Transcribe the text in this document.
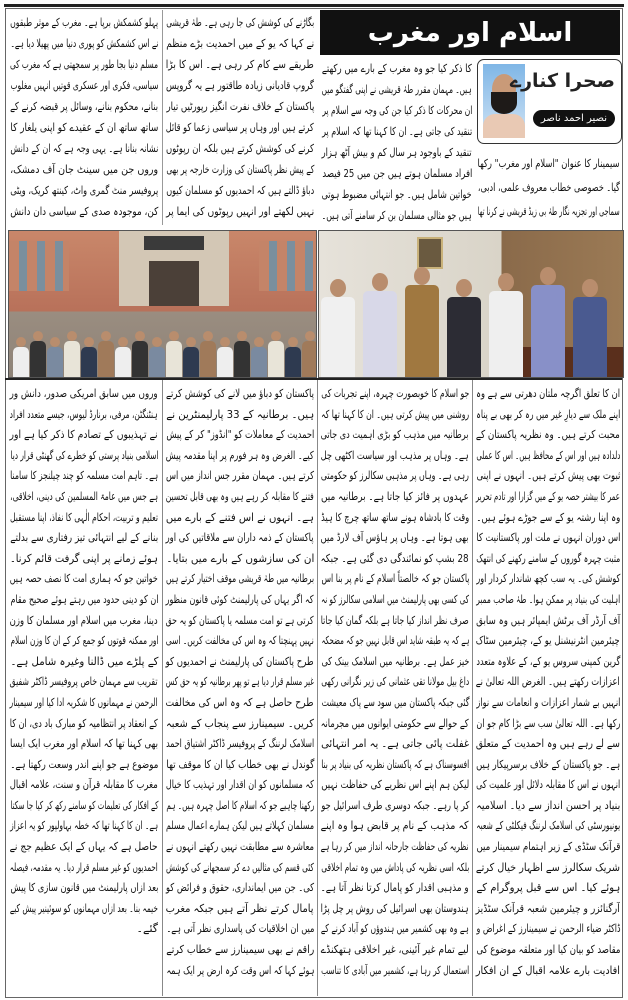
اسلام اور مغرب
صحرا کنارے
نصیر احمد ناصر
کا ذکر کیا جو وہ مغرب کے بارے میں رکھتے
ہیں۔ مہمان مقرر طہٰ قریشی نے اپنی گفتگو میں
ان محرکات کا ذکر کیا جن کی وجہ سے اسلام پر
تنقید کی جاتی ہے۔ ان کا کہنا تھا کہ اسلام پر
تنقید کے باوجود ہر سال کم و بیش آٹھ ہزار
افراد مسلمان ہوتے ہیں جن میں 25 فیصد
خواتین شامل ہیں۔ جو انتہائی مضبوط ہوتی
ہیں جو مثالی مسلمان بن کر سامنے آتی ہیں۔
سیمینار کا عنوان "اسلام اور مغرب" رکھا
گیا۔ خصوصی خطاب معروف علمی، ادبی،
سماجی اور تجزیہ نگار طہٰ بی زیڈ قریشی نے کرنا تھا
بگاڑنے کی کوشش کی جا رہی ہے۔ طہٰ قریشی
نے کہا کہ یو کے میں احمدیت بڑے منظم
طریقے سے کام کر رہی ہے۔ اس کا بڑا
گروپ قادیانی زیادہ طاقتور ہے یہ گروپس
پاکستان کے خلاف نفرت انگیز رپورٹیں تیار
کرتے ہیں اور وہاں پر سیاسی زعما کو قائل
کرنے کی کوشش کرتے ہیں بلکہ ان رپوٹوں
کے پیش نظر پاکستان کی وزارت خارجہ پر بھی
دباؤ ڈالتے ہیں کہ احمدیوں کو مسلمان کیوں
نہیں لکھتے اور انہیں رپوٹوں کی ایما پر
پہلو کشمکش برپا ہے۔ مغرب کے موثر طبقوں
نے اس کشمکش کو پوری دنیا میں پھیلا دیا ہے۔
مسلم دنیا بجا طور پر سمجھتی ہے کہ مغرب کی
سیاسی، فکری اور عسکری قوتیں انہیں مغلوب
بنانے، محکوم بنانے، وسائل پر قبضہ کرنے کے
ساتھ ساتھ ان کے عقیدے کو اپنی یلغار کا
نشانہ بنانا ہے۔ یہی وجہ ہے کہ ان کے دانش
وروں جن میں سینٹ جان آف دمشک،
پروفیسر منٹ گمری واٹ، کینتھ کریک، ویٹی
کن، موجودہ صدی کے سیاسی دان دانش
ان کا تعلق اگرچہ ملتان دھرتی سے ہے وہ
اپنے ملک سے دیارِ غیر میں رہ کر بھی بے پناہ
محبت کرتے ہیں۔ وہ نظریہ پاکستان کے
دلدادہ ہیں اور اس کے محافظ ہیں۔ اس کا عملی
ثبوت بھی پیش کرتے ہیں۔ انہوں نے اپنی
عمر کا بیشتر حصہ یو کے میں گزارا اور تادم تحریر
وہ اپنا رشتہ یو کے سے جوڑے ہوئے ہیں۔
اس دوران انہوں نے ملت اور پاکستانیت کا
مثبت چہرہ گوروں کے سامنے رکھنے کی انتھک
کوشش کی۔ یہ سب کچھ شاندار کردار اور
اہلیت کی بنیاد پر ممکن ہوا۔ طہٰ صاحب ممبر
آف آرڈر آف برٹش ایمپائر ہیں وہ سابق
چیئرمین انٹرنیشنل یو کے، چیئرمین سٹاک
گرین کمپنی سروس یو کے، کے علاوہ متعدد
اعزازات رکھتے ہیں۔ الغرض اللہ تعالیٰ نے
انہیں بے شمار اعزازات و انعامات سے نواز
رکھا ہے۔ اللہ تعالیٰ سب سے بڑا کام جو ان
سے لے رہے ہیں وہ احمدیت کے متعلق
ہے۔ جو پاکستان کے خلاف برسرپیکار ہیں
انہوں نے اس کا مقابلہ دلائل اور علمیت کی
بنیاد پر احسن انداز سے دیا۔ اسلامیہ
یونیورسٹی کی اسلامک لرننگ فیکلٹی کے شعبہ
قرآنک سٹڈی کے زیر اہتمام سیمینار میں
شریک سکالرز سے اظہار خیال کرتے
ہوئے کیا۔ اس سے قبل پروگرام کے
آرگنائزر و چیئرمین شعبہ قرآنک سٹڈیز
ڈاکٹر ضیاء الرحمن نے سیمینارز کے اغراض و
مقاصد کو بیان کیا اور متعلقہ موضوع کی
افادیت بارے علامہ اقبال کے ان افکار
جو اسلام کا خوبصورت چہرہ، اپنے تجربات کی
روشنی میں پیش کرتی ہیں۔ ان کا کہنا تھا کہ
برطانیہ میں مذہب کو بڑی اہمیت دی جاتی
ہے۔ وہاں پر مذہب اور سیاست اکٹھی چل
رہی ہے۔ وہاں پر مذہبی سکالرز کو حکومتی
عہدوں پر فائز کیا جاتا ہے۔ برطانیہ میں
وقت کا بادشاہ ہونے ساتھ ساتھ چرچ کا ہیڈ
بھی ہوتا ہے۔ وہاں پر ہاؤس آف لارڈ میں
28 بشپ کو نمائندگی دی گئی ہے۔ جبکہ
پاکستان جو کہ خالصتاً اسلام کے نام پر بنا اس
کی کسی بھی پارلیمنٹ میں اسلامی سکالرز کو نہ
صرف نظر انداز کیا جاتا ہے بلکہ گمان کیا جاتا
ہے کہ یہ طبقہ شاید اس قابل نہیں جو کہ مضحکہ
خیز عمل ہے۔ برطانیہ میں اسلامک بینک کی
داغ بیل مولانا تقی عثمانی کی زیر نگرانی رکھی
گئی جبکہ پاکستان میں سود سے پاک معیشت
کے حوالے سے حکومتی ایوانوں میں مجرمانہ
غفلت پائی جاتی ہے۔ یہ امر انتہائی
افسوسناک ہے کہ پاکستان نظریہ کی بنیاد پر بنا
لیکن ہم اپنے اس نظریے کی حفاظت نہیں
کر پا رہے۔ جبکہ دوسری طرف اسرائیل جو
کہ مذہب کے نام پر قابض ہوا وہ اپنے
نظریہ کی حفاظت جارحانہ انداز میں کر رہا ہے
بلکہ اسی نظریہ کی پاداش میں وہ تمام اخلاقی
و مذہبی اقدار کو پامال کرتا نظر آتا ہے۔
ہندوستان بھی اسرائیل کی روش پر چل پڑا
ہے وہ بھی کشمیر میں ہندوؤں کو آباد کرنے کے
لیے تمام غیر آئینی، غیر اخلاقی ہتھکنڈے
استعمال کر رہا ہے، کشمیر میں آبادی کا تناسب
پاکستان کو دباؤ میں لانے کی کوشش کرتے
ہیں۔ برطانیہ کے 33 پارلیمنٹرین نے
احمدیت کے معاملات کو "انڈوز" کر کے پیش
کیے۔ الغرض وہ ہر فورم پر اپنا مقدمہ پیش
کرتے ہیں۔ مہمان مقرر جس انداز میں اس
فتنے کا مقابلہ کر رہے ہیں وہ بھی قابل تحسین
ہے۔ انہوں نے اس فتنے کے بارے میں
پاکستان کے ذمہ داران سے ملاقاتیں کی اور
ان کی سازشوں کے بارے میں بتایا۔
برطانیہ میں طہٰ قریشی موقف اختیار کرتے ہیں
کہ اگر یہاں کی پارلیمنٹ کوئی قانون منظور
کرتی ہے تو امت مسلمہ یا پاکستان کو یہ حق
نہیں پہنچتا کہ وہ اس کی مخالفت کریں۔ اسی
طرح پاکستان کی پارلیمنٹ نے احمدیوں کو
غیر مسلم قرار دیا ہے تو پھر برطانیہ کو یہ حق کس
طرح حاصل ہے کہ وہ اس کی مخالفت
کریں۔ سیمینارز سے پنجاب کے شعبہ
اسلامک لرننگ کے پروفیسر ڈاکٹر اشتیاق احمد
گوندل نے بھی خطاب کیا ان کا موقف تھا
کہ مسلمانوں کو ان اقدار اور تہذیب کا خیال
رکھنا چاہیے جو کہ اسلام کا اصل چہرہ ہیں۔ ہم
مسلمان کہلاتے ہیں لیکن ہمارے اعمال مسلم
معاشرہ سے مطابقت نہیں رکھتے انہوں نے
کئی قسم کی مثالیں دے کر سمجھانے کی کوشش
کی۔ جن میں ایمانداری، حقوق و فرائض کو
پامال کرتے نظر آتے ہیں جبکہ مغرب
میں ان اخلاقیات کی پاسداری نظر آتی ہے۔
راقم نے بھی سیمینارز سے خطاب کرتے
ہوئے کہا کہ اس وقت کرہ ارض پر ایک ہمہ
وروں میں سابق امریکی صدور، دانش ور
ہنٹنگٹن، مرفی، برنارڈ لیوس، جیسے متعدد افراد
نے تہذیبوں کے تصادم کا ذکر کیا ہے اور
اسلامی بنیاد پرستی کو خطرے کی گھنٹی قرار دیا
ہے۔ تاہم امت مسلمہ کو چند چیلنجز کا سامنا
ہے جس میں عامۃ المسلمین کی دینی، اخلاقی،
تعلیم و تربیت، احکام الٰہی کا نفاذ، اپنا مستقبل
بنانے کے لیے انتہائی تیز رفتاری سے بدلتے
ہوئے زمانے پر اپنی گرفت قائم کرنا۔
خواتین جو کہ ہماری امت کا نصف حصہ ہیں
ان کو دینی حدود میں رہتے ہوئے صحیح مقام
دینا، مغرب میں اسلام اور مسلمان کا وزن
اور ممکنہ قوتوں کو جمع کر کے ان کا وزن اسلام
کے پلڑے میں ڈالنا وغیرہ شامل ہے۔
تقریب سے مہمان خاص پروفیسر ڈاکٹر شفیق
الرحمن نے مہمانوں کا شکریہ ادا کیا اور سیمینار
کے انعقاد پر انتظامیہ کو مبارک باد دی، ان کا
بھی کہنا تھا کہ اسلام اور مغرب ایک ایسا
موضوع ہے جو اپنے اندر وسعت رکھتا ہے۔
مغرب کا مقابلہ قرآن و سنت، علامہ اقبال
کے افکار کی تعلیمات کو سامنے رکھ کر کیا جا سکتا
ہے۔ ان کا کہنا تھا کہ خطہ بہاولپور کو یہ اعزاز
حاصل ہے کہ یہاں کے ایک عظیم جج نے
احمدیوں کو غیر مسلم قرار دیا۔ یہ مقدمہ، فیصلہ
بعد ازاں پارلیمنٹ میں قانون سازی کا پیش
خیمہ بنا۔ بعد ازاں مہمانوں کو سوئینیر پیش کیے
گئے۔
